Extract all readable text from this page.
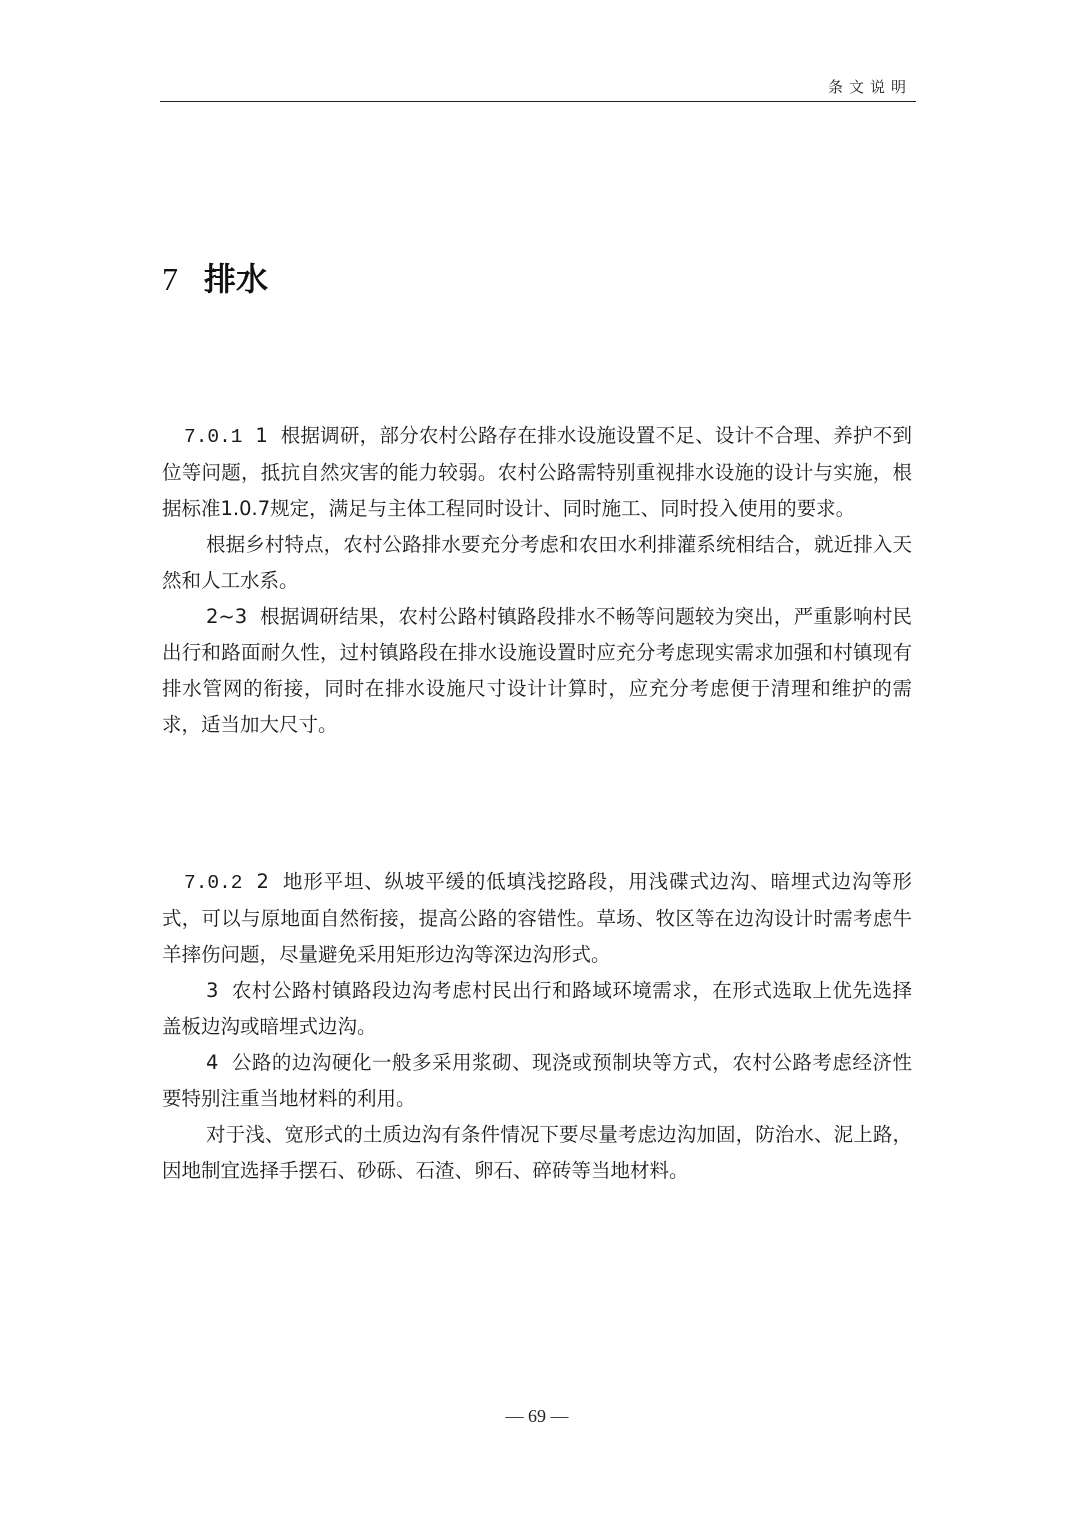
条文说明
7 排水

7.0.1 1 根据调研，部分农村公路存在排水设施设置不足、设计不合理、养护不到位等问题，抵抗自然灾害的能力较弱。农村公路需特别重视排水设施的设计与实施，根据标准1.0.7规定，满足与主体工程同时设计、同时施工、同时投入使用的要求。

根据乡村特点，农村公路排水要充分考虑和农田水利排灌系统相结合，就近排入天然和人工水系。

2~3 根据调研结果，农村公路村镇路段排水不畅等问题较为突出，严重影响村民出行和路面耐久性，过村镇路段在排水设施设置时应充分考虑现实需求加强和村镇现有排水管网的衔接，同时在排水设施尺寸设计计算时，应充分考虑便于清理和维护的需求，适当加大尺寸。

7.0.2 2 地形平坦、纵坡平缓的低填浅挖路段，用浅碟式边沟、暗埋式边沟等形式，可以与原地面自然衔接，提高公路的容错性。草场、牧区等在边沟设计时需考虑牛羊摔伤问题，尽量避免采用矩形边沟等深边沟形式。

3 农村公路村镇路段边沟考虑村民出行和路域环境需求，在形式选取上优先选择盖板边沟或暗埋式边沟。

4 公路的边沟硬化一般多采用浆砌、现浇或预制块等方式，农村公路考虑经济性要特别注重当地材料的利用。

对于浅、宽形式的土质边沟有条件情况下要尽量考虑边沟加固，防治水、泥上路，因地制宜选择手摆石、砂砾、石渣、卵石、碎砖等当地材料。

— 69 —
